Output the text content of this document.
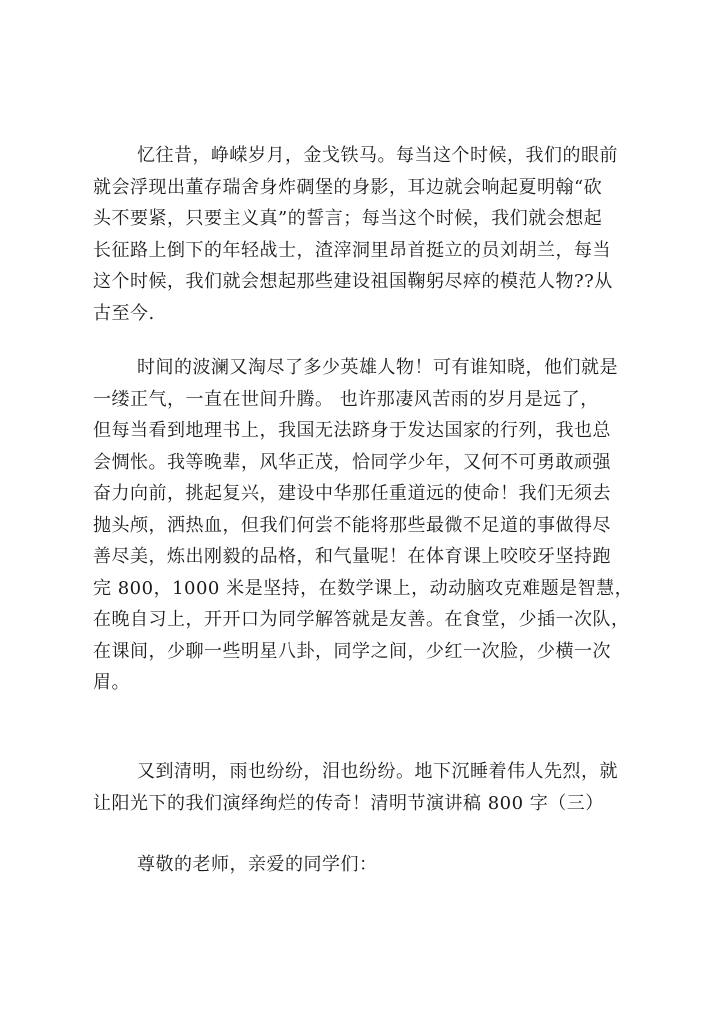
忆往昔，峥嵘岁月，金戈铁马。每当这个时候，我们的眼前
就会浮现出董存瑞舍身炸碉堡的身影，耳边就会响起夏明翰“砍
头不要紧，只要主义真”的誓言；每当这个时候，我们就会想起
长征路上倒下的年轻战士，渣滓洞里昂首挺立的员刘胡兰，每当
这个时候，我们就会想起那些建设祖国鞠躬尽瘁的模范人物??从
古至今.
时间的波澜又淘尽了多少英雄人物！可有谁知晓，他们就是
一缕正气，一直在世间升腾。 也许那凄风苦雨的岁月是远了，
但每当看到地理书上，我国无法跻身于发达国家的行列，我也总
会惆怅。我等晚辈，风华正茂，恰同学少年，又何不可勇敢顽强
奋力向前，挑起复兴，建设中华那任重道远的使命！我们无须去
抛头颅，洒热血，但我们何尝不能将那些最微不足道的事做得尽
善尽美，炼出刚毅的品格，和气量呢！在体育课上咬咬牙坚持跑
完 800，1000 米是坚持，在数学课上，动动脑攻克难题是智慧，
在晚自习上，开开口为同学解答就是友善。在食堂，少插一次队，
在课间，少聊一些明星八卦，同学之间，少红一次脸，少横一次
眉。
又到清明，雨也纷纷，泪也纷纷。地下沉睡着伟人先烈，就
让阳光下的我们演绎绚烂的传奇！清明节演讲稿 800 字（三）
尊敬的老师，亲爱的同学们：
